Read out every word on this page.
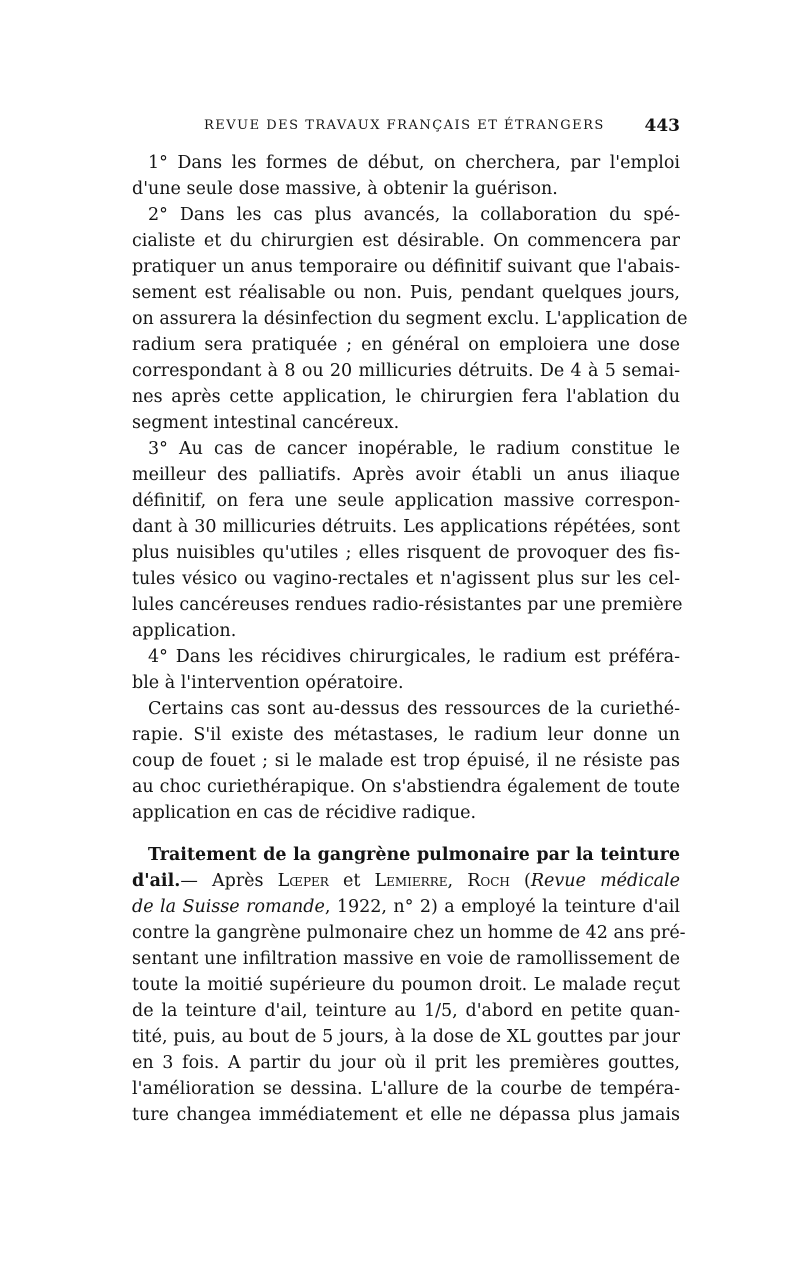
REVUE DES TRAVAUX FRANÇAIS ET ÉTRANGERS 443
1° Dans les formes de début, on cherchera, par l'emploi
d'une seule dose massive, à obtenir la guérison.
2° Dans les cas plus avancés, la collaboration du spé-
cialiste et du chirurgien est désirable. On commencera par
pratiquer un anus temporaire ou définitif suivant que l'abais-
sement est réalisable ou non. Puis, pendant quelques jours,
on assurera la désinfection du segment exclu. L'application de
radium sera pratiquée ; en général on emploiera une dose
correspondant à 8 ou 20 millicuries détruits. De 4 à 5 semai-
nes après cette application, le chirurgien fera l'ablation du
segment intestinal cancéreux.
3° Au cas de cancer inopérable, le radium constitue le
meilleur des palliatifs. Après avoir établi un anus iliaque
définitif, on fera une seule application massive correspon-
dant à 30 millicuries détruits. Les applications répétées, sont
plus nuisibles qu'utiles ; elles risquent de provoquer des fis-
tules vésico ou vagino-rectales et n'agissent plus sur les cel-
lules cancéreuses rendues radio-résistantes par une première
application.
4° Dans les récidives chirurgicales, le radium est préféra-
ble à l'intervention opératoire.
Certains cas sont au-dessus des ressources de la curiethé-
rapie. S'il existe des métastases, le radium leur donne un
coup de fouet ; si le malade est trop épuisé, il ne résiste pas
au choc curiethérapique. On s'abstiendra également de toute
application en cas de récidive radique.
Traitement de la gangrène pulmonaire par la teinture
d'ail.— Après Lœper et Lemierre, Roch (Revue médicale
de la Suisse romande, 1922, n° 2) a employé la teinture d'ail
contre la gangrène pulmonaire chez un homme de 42 ans pré-
sentant une infiltration massive en voie de ramollissement de
toute la moitié supérieure du poumon droit. Le malade reçut
de la teinture d'ail, teinture au 1/5, d'abord en petite quan-
tité, puis, au bout de 5 jours, à la dose de XL gouttes par jour
en 3 fois. A partir du jour où il prit les premières gouttes,
l'amélioration se dessina. L'allure de la courbe de tempéra-
ture changea immédiatement et elle ne dépassa plus jamais
